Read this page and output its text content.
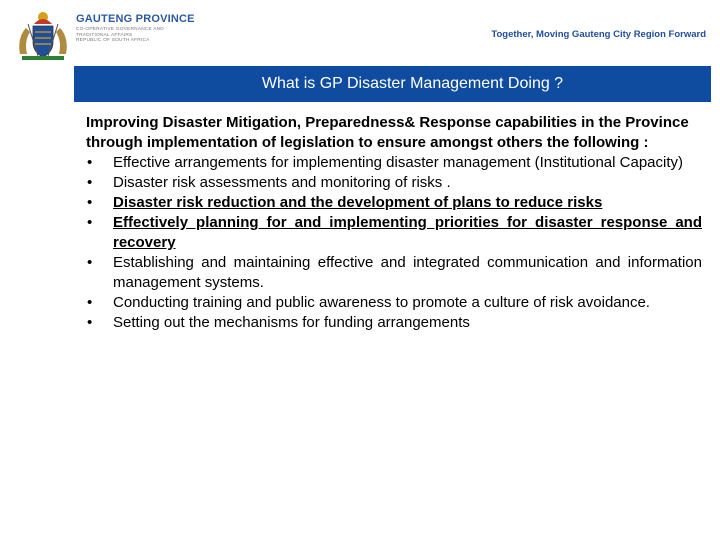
GAUTENG PROVINCE
CO-OPERATIVE GOVERNANCE AND
TRADITIONAL AFFAIRS
REPUBLIC OF SOUTH AFRICA
Together, Moving Gauteng City Region Forward
What is GP Disaster Management Doing ?

Improving Disaster Mitigation, Preparedness& Response capabilities in the Province through implementation of legislation to ensure amongst others the following :

• Effective arrangements for implementing disaster management (Institutional Capacity)
• Disaster risk assessments and monitoring of risks .
• Disaster risk reduction and the development of plans to reduce risks
• Effectively planning for and implementing priorities for disaster response and recovery
• Establishing and maintaining effective and integrated communication and information management systems.
• Conducting training and public awareness to promote a culture of risk avoidance.
• Setting out the mechanisms for funding arrangements
